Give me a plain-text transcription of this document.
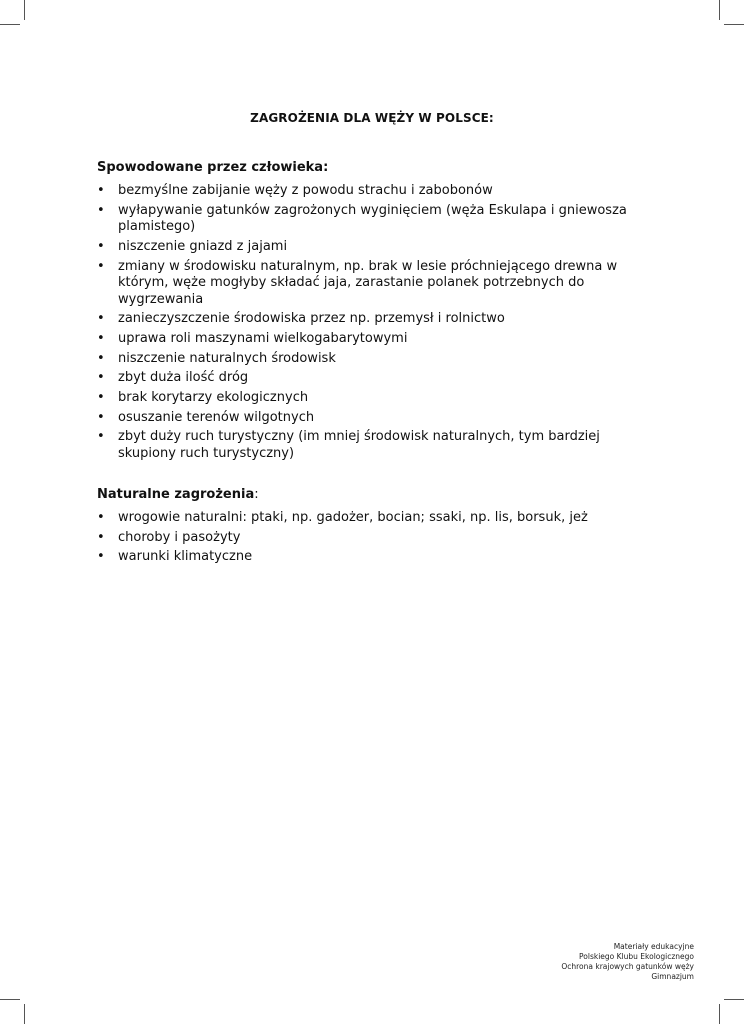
ZAGROŻENIA DLA WĘŻY W POLSCE:
Spowodowane przez człowieka:
• bezmyślne zabijanie węży z powodu strachu i zabobonów
• wyłapywanie gatunków zagrożonych wyginięciem (węża Eskulapa i gniewosza plamistego)
• niszczenie gniazd z jajami
• zmiany w środowisku naturalnym, np. brak w lesie próchniejącego drewna w którym, węże mogłyby składać jaja, zarastanie polanek potrzebnych do wygrzewania
• zanieczyszczenie środowiska przez np. przemysł i rolnictwo
• uprawa roli maszynami wielkogabarytowymi
• niszczenie naturalnych środowisk
• zbyt duża ilość dróg
• brak korytarzy ekologicznych
• osuszanie terenów wilgotnych
• zbyt duży ruch turystyczny (im mniej środowisk naturalnych, tym bardziej skupiony ruch turystyczny)
Naturalne zagrożenia:
• wrogowie naturalni: ptaki, np. gadożer, bocian; ssaki, np. lis, borsuk, jeż
• choroby i pasożyty
• warunki klimatyczne
Materiały edukacyjne
Polskiego Klubu Ekologicznego
Ochrona krajowych gatunków węży
Gimnazjum
